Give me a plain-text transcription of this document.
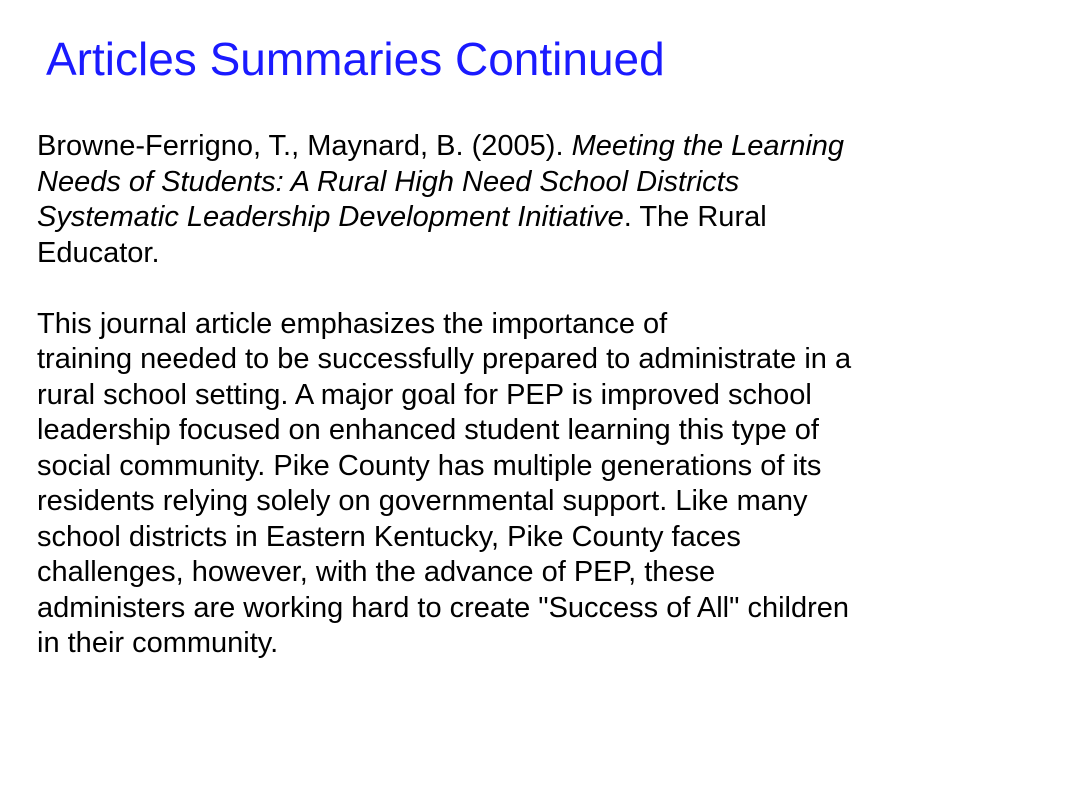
Articles Summaries Continued

Browne-Ferrigno, T., Maynard, B. (2005). Meeting the Learning
Needs of Students: A Rural High Need School Districts
Systematic Leadership Development Initiative. The Rural
Educator.

This journal article emphasizes the importance of
training needed to be successfully prepared to administrate in a
rural school setting. A major goal for PEP is improved school
leadership focused on enhanced student learning this type of
social community. Pike County has multiple generations of its
residents relying solely on governmental support. Like many
school districts in Eastern Kentucky, Pike County faces
challenges, however, with the advance of PEP, these
administers are working hard to create "Success of All" children
in their community.
